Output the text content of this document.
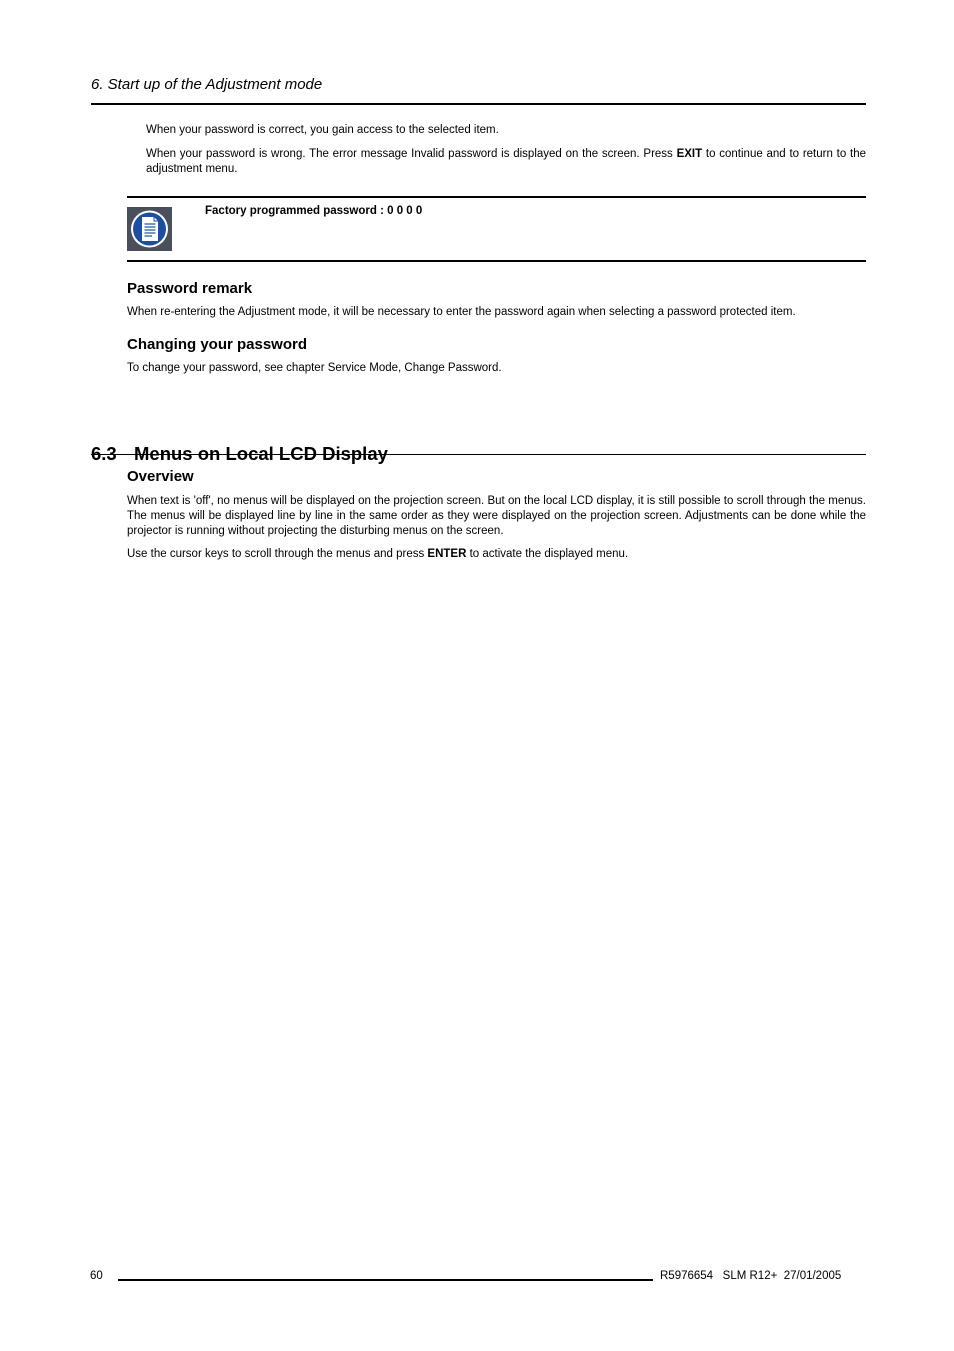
6. Start up of the Adjustment mode

When your password is correct, you gain access to the selected item.

When your password is wrong. The error message Invalid password is displayed on the screen. Press EXIT to continue and to return to the adjustment menu.

Factory programmed password : 0 0 0 0
Password remark

When re-entering the Adjustment mode, it will be necessary to enter the password again when selecting a password protected item.

Changing your password

To change your password, see chapter Service Mode, Change Password.

6.3 Menus on Local LCD Display
Overview

When text is 'off', no menus will be displayed on the projection screen. But on the local LCD display, it is still possible to scroll through the menus. The menus will be displayed line by line in the same order as they were displayed on the projection screen. Adjustments can be done while the projector is running without projecting the disturbing menus on the screen.

Use the cursor keys to scroll through the menus and press ENTER to activate the displayed menu.

60	R5976654   SLM R12+  27/01/2005
